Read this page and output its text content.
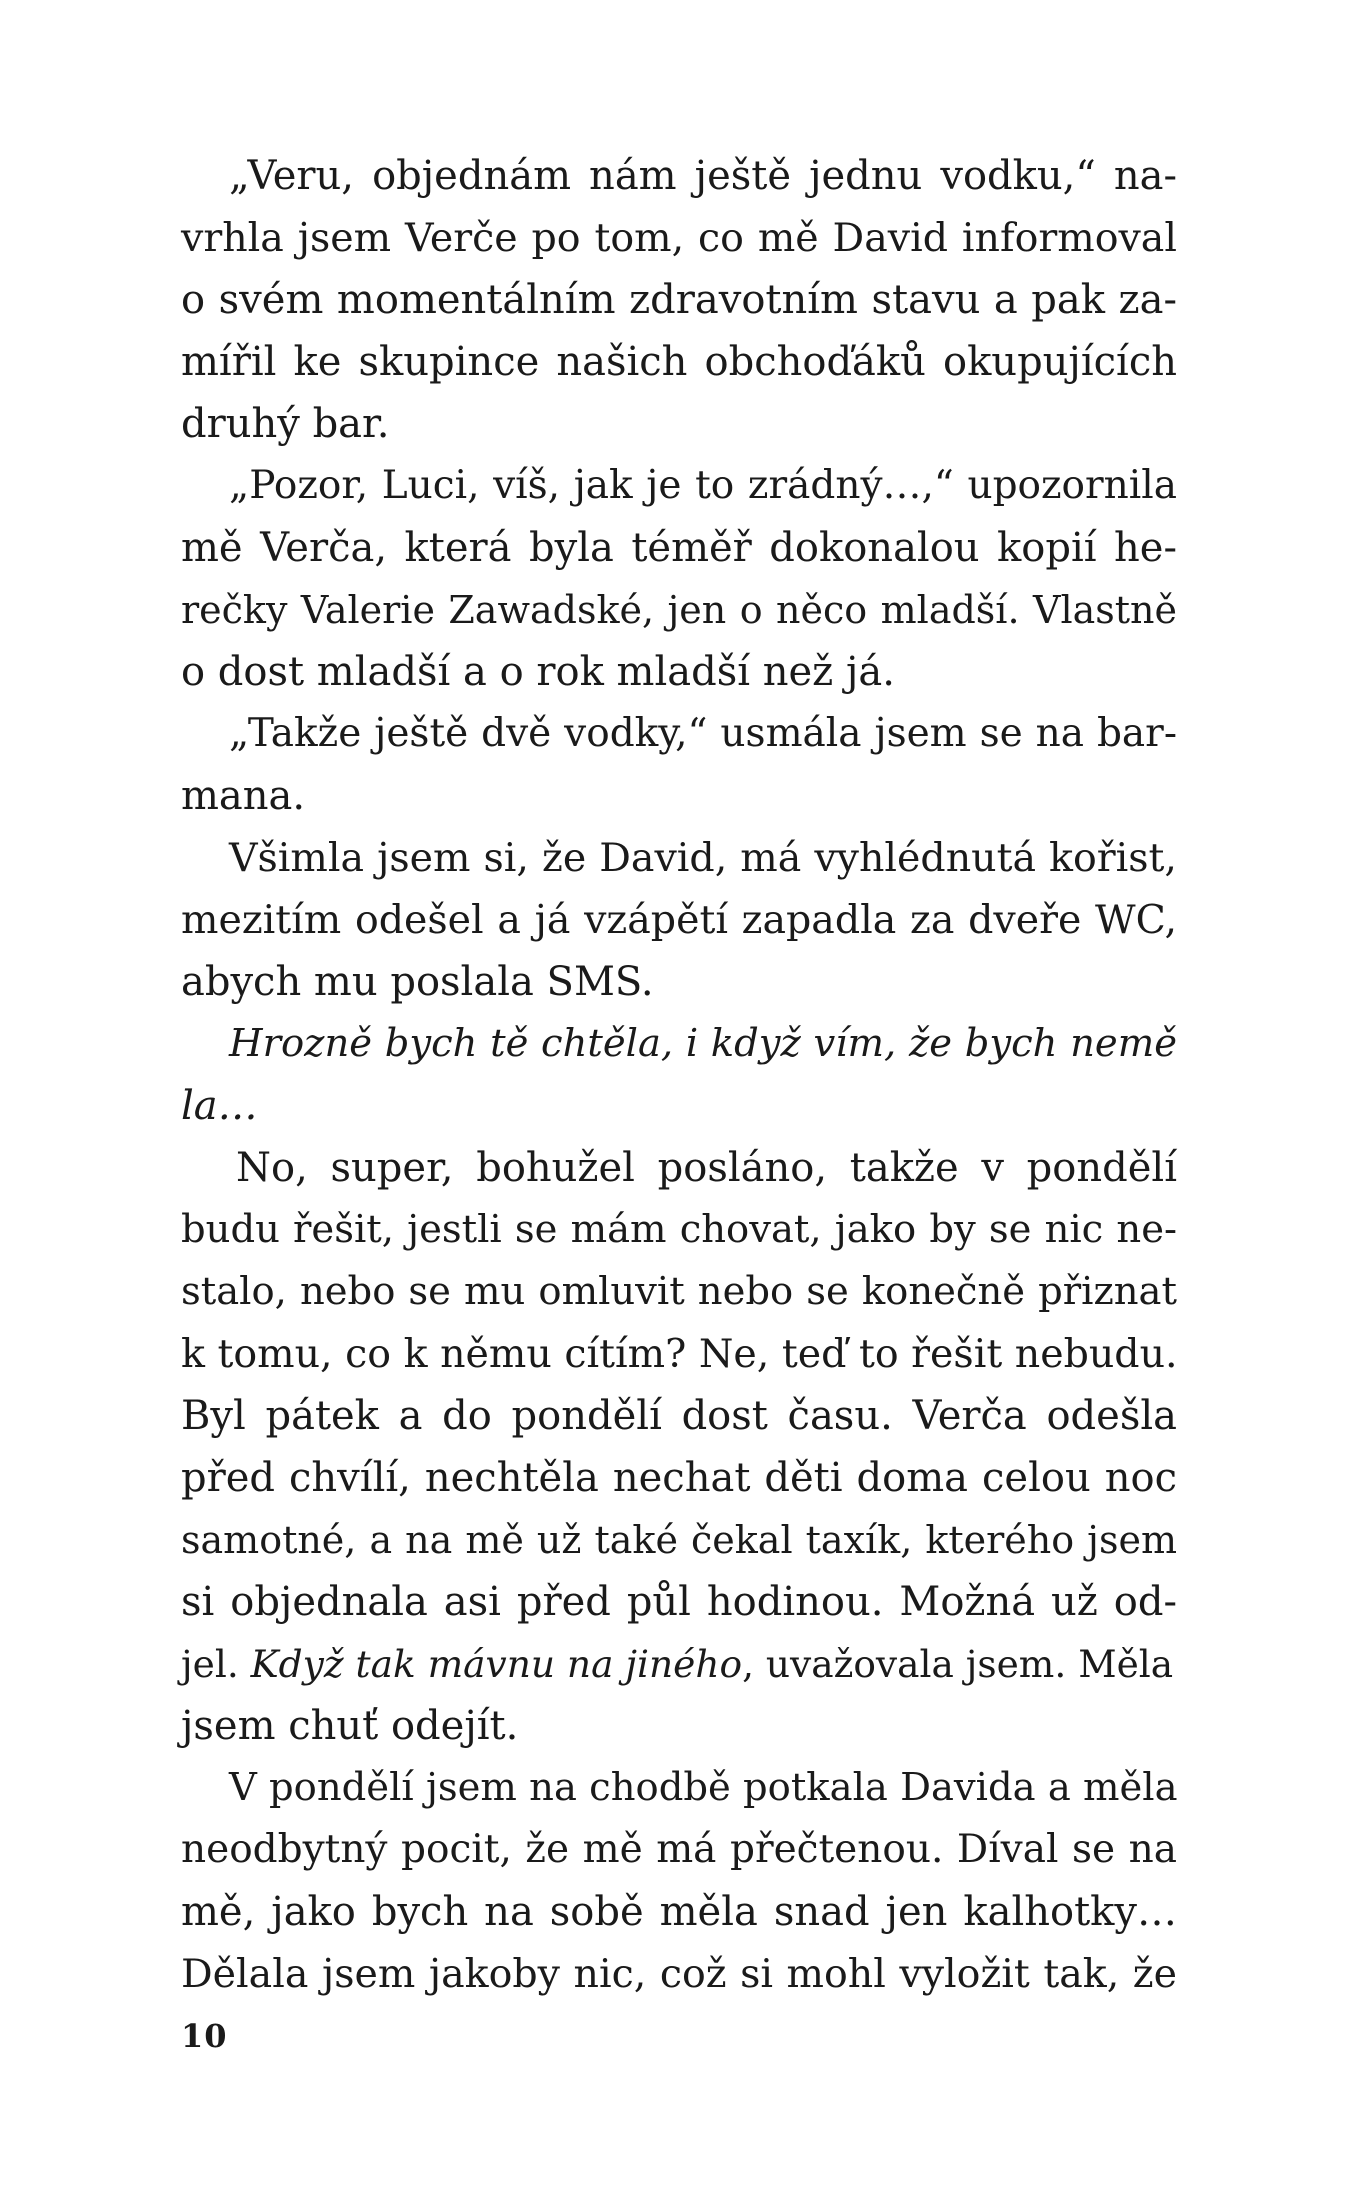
„Veru, objednám nám ještě jednu vodku,“ na-
vrhla jsem Verče po tom, co mě David informoval
o svém momentálním zdravotním stavu a pak za-
mířil ke skupince našich obchoďáků okupujících
druhý bar.
„Pozor, Luci, víš, jak je to zrádný…,“ upozornila
mě Verča, která byla téměř dokonalou kopií he-
rečky Valerie Zawadské, jen o něco mladší. Vlastně
o dost mladší a o rok mladší než já.
„Takže ještě dvě vodky,“ usmála jsem se na bar-
mana.
Všimla jsem si, že David, má vyhlédnutá kořist,
mezitím odešel a já vzápětí zapadla za dveře WC,
abych mu poslala SMS.
Hrozně bych tě chtěla, i když vím, že bych nemě
la…
No, super, bohužel posláno, takže v pondělí
budu řešit, jestli se mám chovat, jako by se nic ne-
stalo, nebo se mu omluvit nebo se konečně přiznat
k tomu, co k němu cítím? Ne, teď to řešit nebudu.
Byl pátek a do pondělí dost času. Verča odešla
před chvílí, nechtěla nechat děti doma celou noc
samotné, a na mě už také čekal taxík, kterého jsem
si objednala asi před půl hodinou. Možná už od-
jel. Když tak mávnu na jiného, uvažovala jsem. Měla
jsem chuť odejít.
V pondělí jsem na chodbě potkala Davida a měla
neodbytný pocit, že mě má přečtenou. Díval se na
mě, jako bych na sobě měla snad jen kalhotky…
Dělala jsem jakoby nic, což si mohl vyložit tak, že
10
